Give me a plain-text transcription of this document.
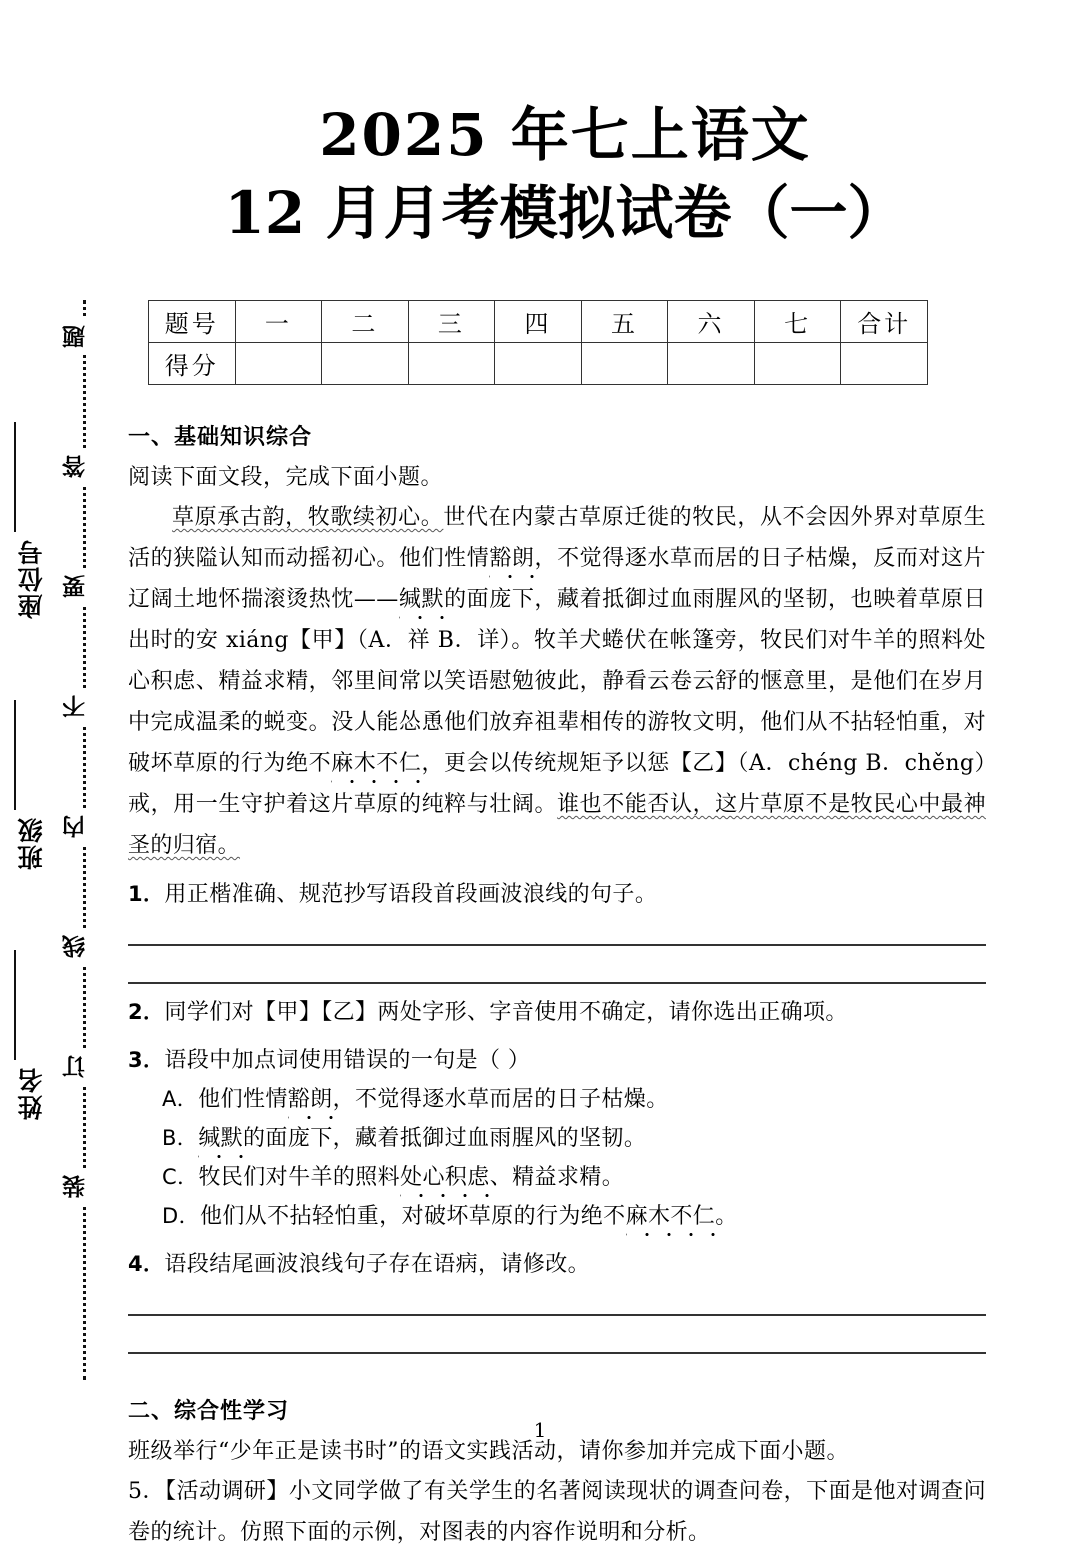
2025 年七上语文
12 月月考模拟试卷（一）
题
答
要
不
内
线
订
装
座位号
班级
姓名
题号	一	二	三	四	五	六	七	合计
得分								
一、基础知识综合
阅读下面文段，完成下面小题。

草原承古韵，牧歌续初心。世代在内蒙古草原迁徙的牧民，从不会因外界对草原生活的狭隘认知而动摇初心。他们性情豁朗，不觉得逐水草而居的日子枯燥，反而对这片辽阔土地怀揣滚烫热忱——缄默的面庞下，藏着抵御过血雨腥风的坚韧，也映着草原日出时的安 xiáng【甲】（A．祥 B．详）。牧羊犬蜷伏在帐篷旁，牧民们对牛羊的照料处心积虑、精益求精，邻里间常以笑语慰勉彼此，静看云卷云舒的惬意里，是他们在岁月中完成温柔的蜕变。没人能怂恿他们放弃祖辈相传的游牧文明，他们从不拈轻怕重，对破坏草原的行为绝不麻木不仁，更会以传统规矩予以惩【乙】（A．chéng B．chěng）戒，用一生守护着这片草原的纯粹与壮阔。谁也不能否认，这片草原不是牧民心中最神圣的归宿。

1．用正楷准确、规范抄写语段首段画波浪线的句子。
2．同学们对【甲】【乙】两处字形、字音使用不确定，请你选出正确项。
3．语段中加点词使用错误的一句是（ ）
A．他们性情豁朗，不觉得逐水草而居的日子枯燥。
B．缄默的面庞下，藏着抵御过血雨腥风的坚韧。
C．牧民们对牛羊的照料处心积虑、精益求精。
D．他们从不拈轻怕重，对破坏草原的行为绝不麻木不仁。
4．语段结尾画波浪线句子存在语病，请修改。
二、综合性学习
班级举行“少年正是读书时”的语文实践活动，请你参加并完成下面小题。

5．【活动调研】小文同学做了有关学生的名著阅读现状的调查问卷，下面是他对调查问卷的统计。仿照下面的示例，对图表的内容作说明和分析。

1
